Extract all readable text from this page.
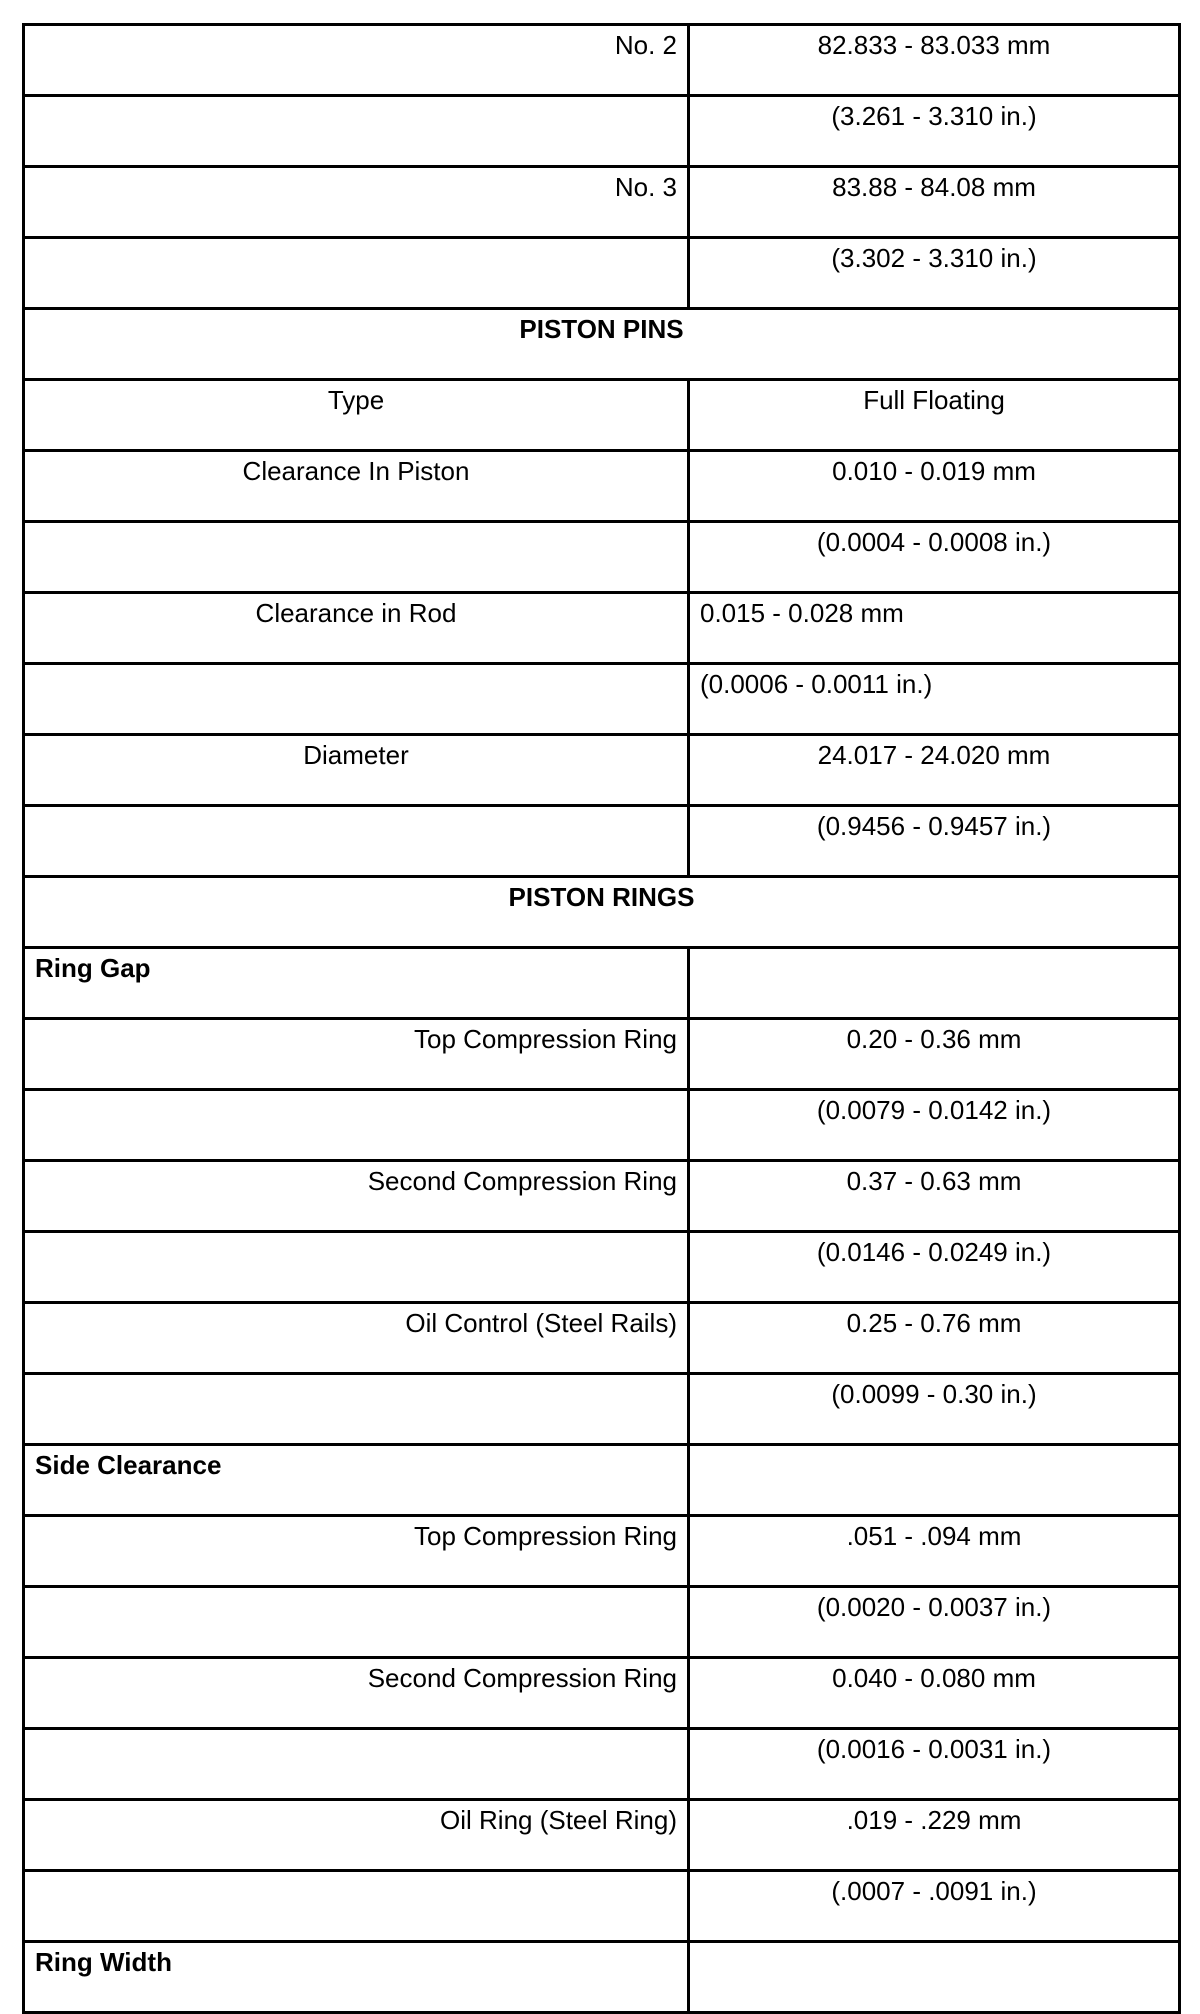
No. 2	82.833 - 83.033 mm
	(3.261 - 3.310 in.)
No. 3	83.88 - 84.08 mm
	(3.302 - 3.310 in.)
PISTON PINS	
Type	Full Floating
Clearance In Piston	0.010 - 0.019 mm
	(0.0004 - 0.0008 in.)
Clearance in Rod	0.015 - 0.028 mm
	(0.0006 - 0.0011 in.)
Diameter	24.017 - 24.020 mm
	(0.9456 - 0.9457 in.)
PISTON RINGS	
Ring Gap	
Top Compression Ring	0.20 - 0.36 mm
	(0.0079 - 0.0142 in.)
Second Compression Ring	0.37 - 0.63 mm
	(0.0146 - 0.0249 in.)
Oil Control (Steel Rails)	0.25 - 0.76 mm
	(0.0099 - 0.30 in.)
Side Clearance	
Top Compression Ring	.051 - .094 mm
	(0.0020 - 0.0037 in.)
Second Compression Ring	0.040 - 0.080 mm
	(0.0016 - 0.0031 in.)
Oil Ring (Steel Ring)	.019 - .229 mm
	(.0007 - .0091 in.)
Ring Width	
